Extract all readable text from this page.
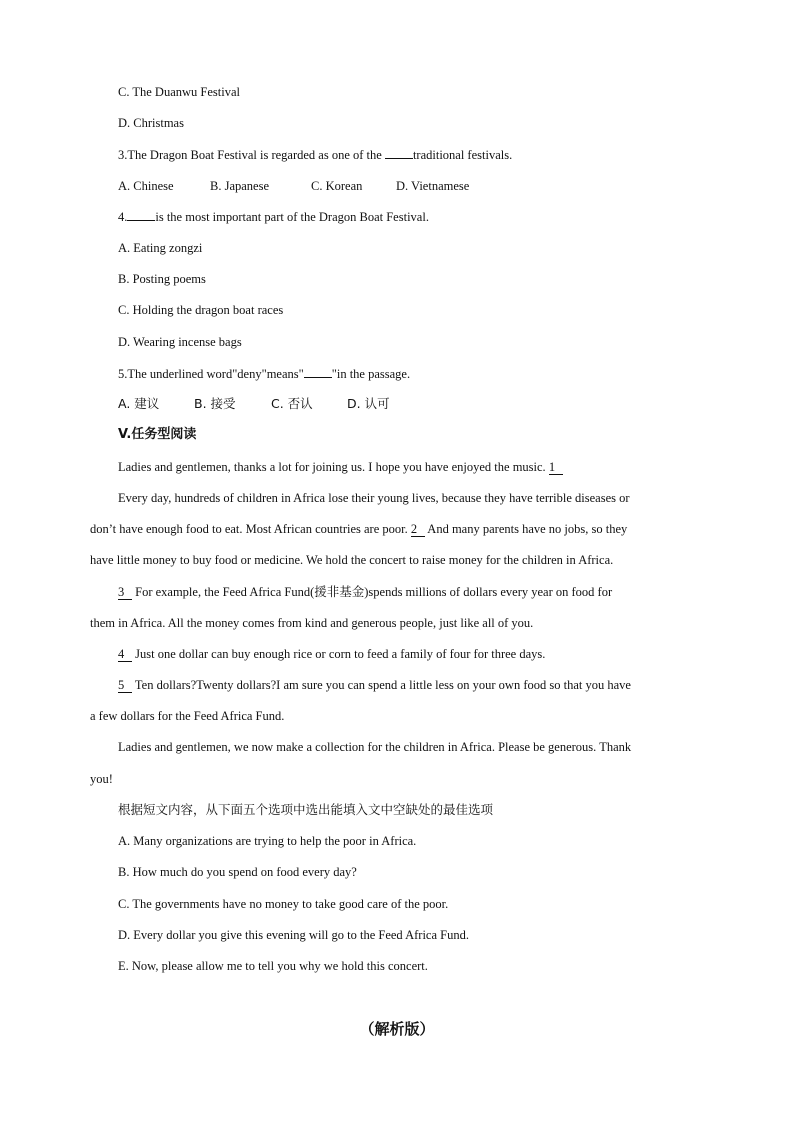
C. The Duanwu Festival
D. Christmas
3.The Dragon Boat Festival is regarded as one of the traditional festivals.
A. Chinese	B. Japanese	C. Korean	D. Vietnamese
4. is the most important part of the Dragon Boat Festival.
A. Eating zongzi
B. Posting poems
C. Holding the dragon boat races
D. Wearing incense bags
5.The underlined word"deny"means" "in the passage.
A. 建议	B. 接受	C. 否认	D. 认可
V.任务型阅读
Ladies and gentlemen, thanks a lot for joining us. I hope you have enjoyed the music. 1
Every day, hundreds of children in Africa lose their young lives, because they have terrible diseases or
don’t have enough food to eat. Most African countries are poor. 2 And many parents have no jobs, so they
have little money to buy food or medicine. We hold the concert to raise money for the children in Africa.
3 For example, the Feed Africa Fund(援非基金)spends millions of dollars every year on food for
them in Africa. All the money comes from kind and generous people, just like all of you.
4 Just one dollar can buy enough rice or corn to feed a family of four for three days.
5 Ten dollars?Twenty dollars?I am sure you can spend a little less on your own food so that you have
a few dollars for the Feed Africa Fund.
Ladies and gentlemen, we now make a collection for the children in Africa. Please be generous. Thank
you!
根据短文内容，从下面五个选项中选出能填入文中空缺处的最佳选项
A. Many organizations are trying to help the poor in Africa.
B. How much do you spend on food every day?
C. The governments have no money to take good care of the poor.
D. Every dollar you give this evening will go to the Feed Africa Fund.
E. Now, please allow me to tell you why we hold this concert.
（解析版）
